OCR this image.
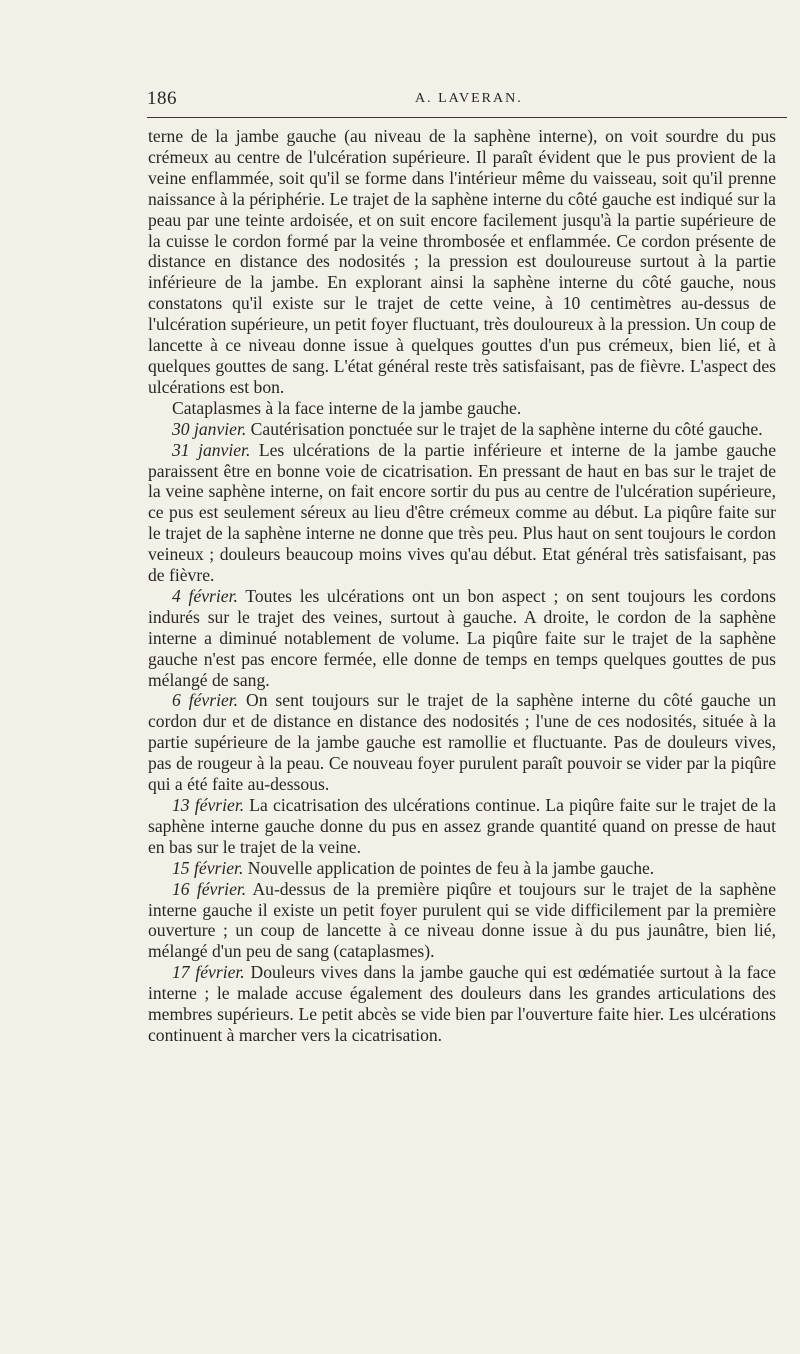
186	A. LAVERAN.

terne de la jambe gauche (au niveau de la saphène interne), on voit sourdre du pus crémeux au centre de l'ulcération supérieure. Il paraît évident que le pus provient de la veine enflammée, soit qu'il se forme dans l'intérieur même du vaisseau, soit qu'il prenne naissance à la périphérie. Le trajet de la saphène interne du côté gauche est indiqué sur la peau par une teinte ardoisée, et on suit encore facilement jusqu'à la partie supérieure de la cuisse le cordon formé par la veine thrombosée et enflammée. Ce cordon présente de distance en distance des nodosités ; la pression est douloureuse surtout à la partie inférieure de la jambe. En explorant ainsi la saphène interne du côté gauche, nous constatons qu'il existe sur le trajet de cette veine, à 10 centimètres au-dessus de l'ulcération supérieure, un petit foyer fluctuant, très douloureux à la pression. Un coup de lancette à ce niveau donne issue à quelques gouttes d'un pus crémeux, bien lié, et à quelques gouttes de sang. L'état général reste très satisfaisant, pas de fièvre. L'aspect des ulcérations est bon.

Cataplasmes à la face interne de la jambe gauche.

30 janvier. Cautérisation ponctuée sur le trajet de la saphène interne du côté gauche.

31 janvier. Les ulcérations de la partie inférieure et interne de la jambe gauche paraissent être en bonne voie de cicatrisation. En pressant de haut en bas sur le trajet de la veine saphène interne, on fait encore sortir du pus au centre de l'ulcération supérieure, ce pus est seulement séreux au lieu d'être crémeux comme au début. La piqûre faite sur le trajet de la saphène interne ne donne que très peu. Plus haut on sent toujours le cordon veineux ; douleurs beaucoup moins vives qu'au début. Etat général très satisfaisant, pas de fièvre.

4 février. Toutes les ulcérations ont un bon aspect ; on sent toujours les cordons indurés sur le trajet des veines, surtout à gauche. A droite, le cordon de la saphène interne a diminué notablement de volume. La piqûre faite sur le trajet de la saphène gauche n'est pas encore fermée, elle donne de temps en temps quelques gouttes de pus mélangé de sang.

6 février. On sent toujours sur le trajet de la saphène interne du côté gauche un cordon dur et de distance en distance des nodosités ; l'une de ces nodosités, située à la partie supérieure de la jambe gauche est ramollie et fluctuante. Pas de douleurs vives, pas de rougeur à la peau. Ce nouveau foyer purulent paraît pouvoir se vider par la piqûre qui a été faite au-dessous.

13 février. La cicatrisation des ulcérations continue. La piqûre faite sur le trajet de la saphène interne gauche donne du pus en assez grande quantité quand on presse de haut en bas sur le trajet de la veine.

15 février. Nouvelle application de pointes de feu à la jambe gauche.

16 février. Au-dessus de la première piqûre et toujours sur le trajet de la saphène interne gauche il existe un petit foyer purulent qui se vide difficilement par la première ouverture ; un coup de lancette à ce niveau donne issue à du pus jaunâtre, bien lié, mélangé d'un peu de sang (cataplasmes).

17 février. Douleurs vives dans la jambe gauche qui est œdématiée surtout à la face interne ; le malade accuse également des douleurs dans les grandes articulations des membres supérieurs. Le petit abcès se vide bien par l'ouverture faite hier. Les ulcérations continuent à marcher vers la cicatrisation.
